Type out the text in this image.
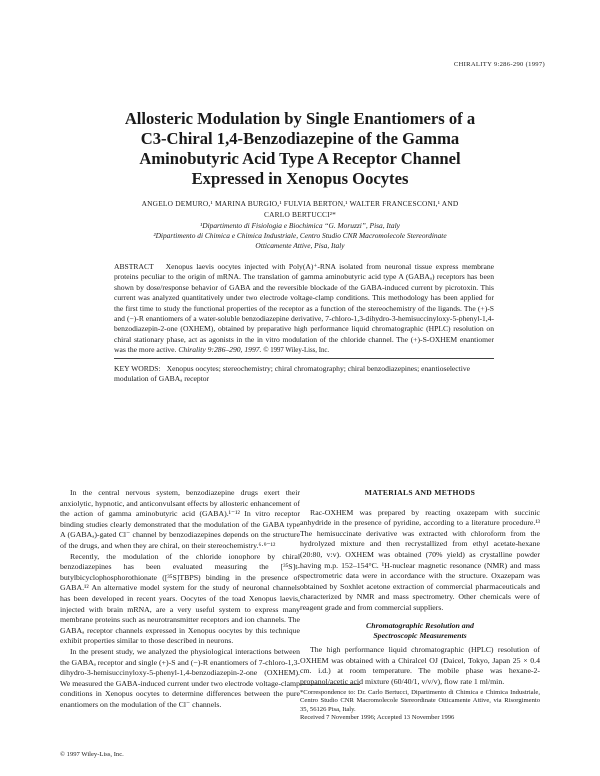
CHIRALITY 9:286-290 (1997)

Allosteric Modulation by Single Enantiomers of a

C3-Chiral 1,4-Benzodiazepine of the Gamma

Aminobutyric Acid Type A Receptor Channel

Expressed in Xenopus Oocytes

ANGELO DEMURO,¹ MARINA BURGIO,¹ FULVIA BERTON,¹ WALTER FRANCESCONI,¹ AND

CARLO BERTUCCI²*

¹Dipartimento di Fisiologia e Biochimica “G. Moruzzi”, Pisa, Italy

²Dipartimento di Chimica e Chimica Industriale, Centro Studio CNR Macromolecole Stereordinate

Otticamente Attive, Pisa, Italy

ABSTRACT Xenopus laevis oocytes injected with Poly(A)⁺-RNA isolated from neuronal tissue express membrane proteins peculiar to the origin of mRNA. The translation of gamma aminobutyric acid type A (GABAₐ) receptors has been shown by dose/response behavior of GABA and the reversible blockade of the GABA-induced current by picrotoxin. This current was analyzed quantitatively under two electrode voltage-clamp conditions. This methodology has been applied for the first time to study the functional properties of the receptor as a function of the stereochemistry of the ligands. The (+)-S and (−)-R enantiomers of a water-soluble benzodiazepine derivative, 7-chloro-1,3-dihydro-3-hemisuccinyloxy-5-phenyl-1,4-benzodiazepin-2-one (OXHEM), obtained by preparative high performance liquid chromatographic (HPLC) resolution on chiral stationary phase, act as agonists in the in vitro modulation of the chloride channel. The (+)-S-OXHEM enantiomer was the more active. Chirality 9:286–290, 1997. © 1997 Wiley-Liss, Inc.
KEY WORDS: Xenopus oocytes; stereochemistry; chiral chromatography; chiral benzodiazepines; enantioselective modulation of GABAₐ receptor

In the central nervous system, benzodiazepine drugs exert their anxiolytic, hypnotic, and anticonvulsant effects by allosteric enhancement of the action of gamma aminobutyric acid (GABA).¹⁻¹² In vitro receptor binding studies clearly demonstrated that the modulation of the GABA type A (GABAₐ)-gated Cl⁻ channel by benzodiazepines depends on the structure of the drugs, and when they are chiral, on their stereochemistry.⁶·⁹⁻¹²

Recently, the modulation of the chloride ionophore by chiral benzodiazepines has been evaluated measuring the [³⁵S]t-butylbicyclophosphorothionate ([³⁵S]TBPS) binding in the presence of GABA.¹² An alternative model system for the study of neuronal channels has been developed in recent years. Oocytes of the toad Xenopus laevis, injected with brain mRNA, are a very useful system to express many membrane proteins such as neurotransmitter receptors and ion channels. The GABAₐ receptor channels expressed in Xenopus oocytes by this technique exhibit properties similar to those described in neurons.

In the present study, we analyzed the physiological interactions between the GABAₐ receptor and single (+)-S and (−)-R enantiomers of 7-chloro-1,3-dihydro-3-hemisuccinyloxy-5-phenyl-1,4-benzodiazepin-2-one (OXHEM). We measured the GABA-induced current under two electrode voltage-clamp conditions in Xenopus oocytes to determine differences between the pure enantiomers on the modulation of the Cl⁻ channels.

MATERIALS AND METHODS

Rac-OXHEM was prepared by reacting oxazepam with succinic anhydride in the presence of pyridine, according to a literature procedure.¹³ The hemisuccinate derivative was extracted with chloroform from the hydrolyzed mixture and then recrystallized from ethyl acetate-hexane (20:80, v:v). OXHEM was obtained (70% yield) as crystalline powder having m.p. 152–154°C. ¹H-nuclear magnetic resonance (NMR) and mass spectrometric data were in accordance with the structure. Oxazepam was obtained by Soxhlet acetone extraction of commercial pharmaceuticals and characterized by NMR and mass spectrometry. Other chemicals were of reagent grade and from commercial suppliers.

Chromatographic Resolution and
Spectroscopic Measurements

The high performance liquid chromatographic (HPLC) resolution of OXHEM was obtained with a Chiralcel OJ (Daicel, Tokyo, Japan 25 × 0.4 cm. i.d.) at room temperature. The mobile phase was hexane-2-propanol/acetic acid mixture (60/40/1, v/v/v), flow rate 1 ml/min.

*Correspondence to: Dr. Carlo Bertucci, Dipartimento di Chimica e Chimica Industriale, Centro Studio CNR Macromolecole Stereordinate Otticamente Attive, via Risorgimento 35, 56126 Pisa, Italy.

Received 7 November 1996; Accepted 13 November 1996

© 1997 Wiley-Liss, Inc.
